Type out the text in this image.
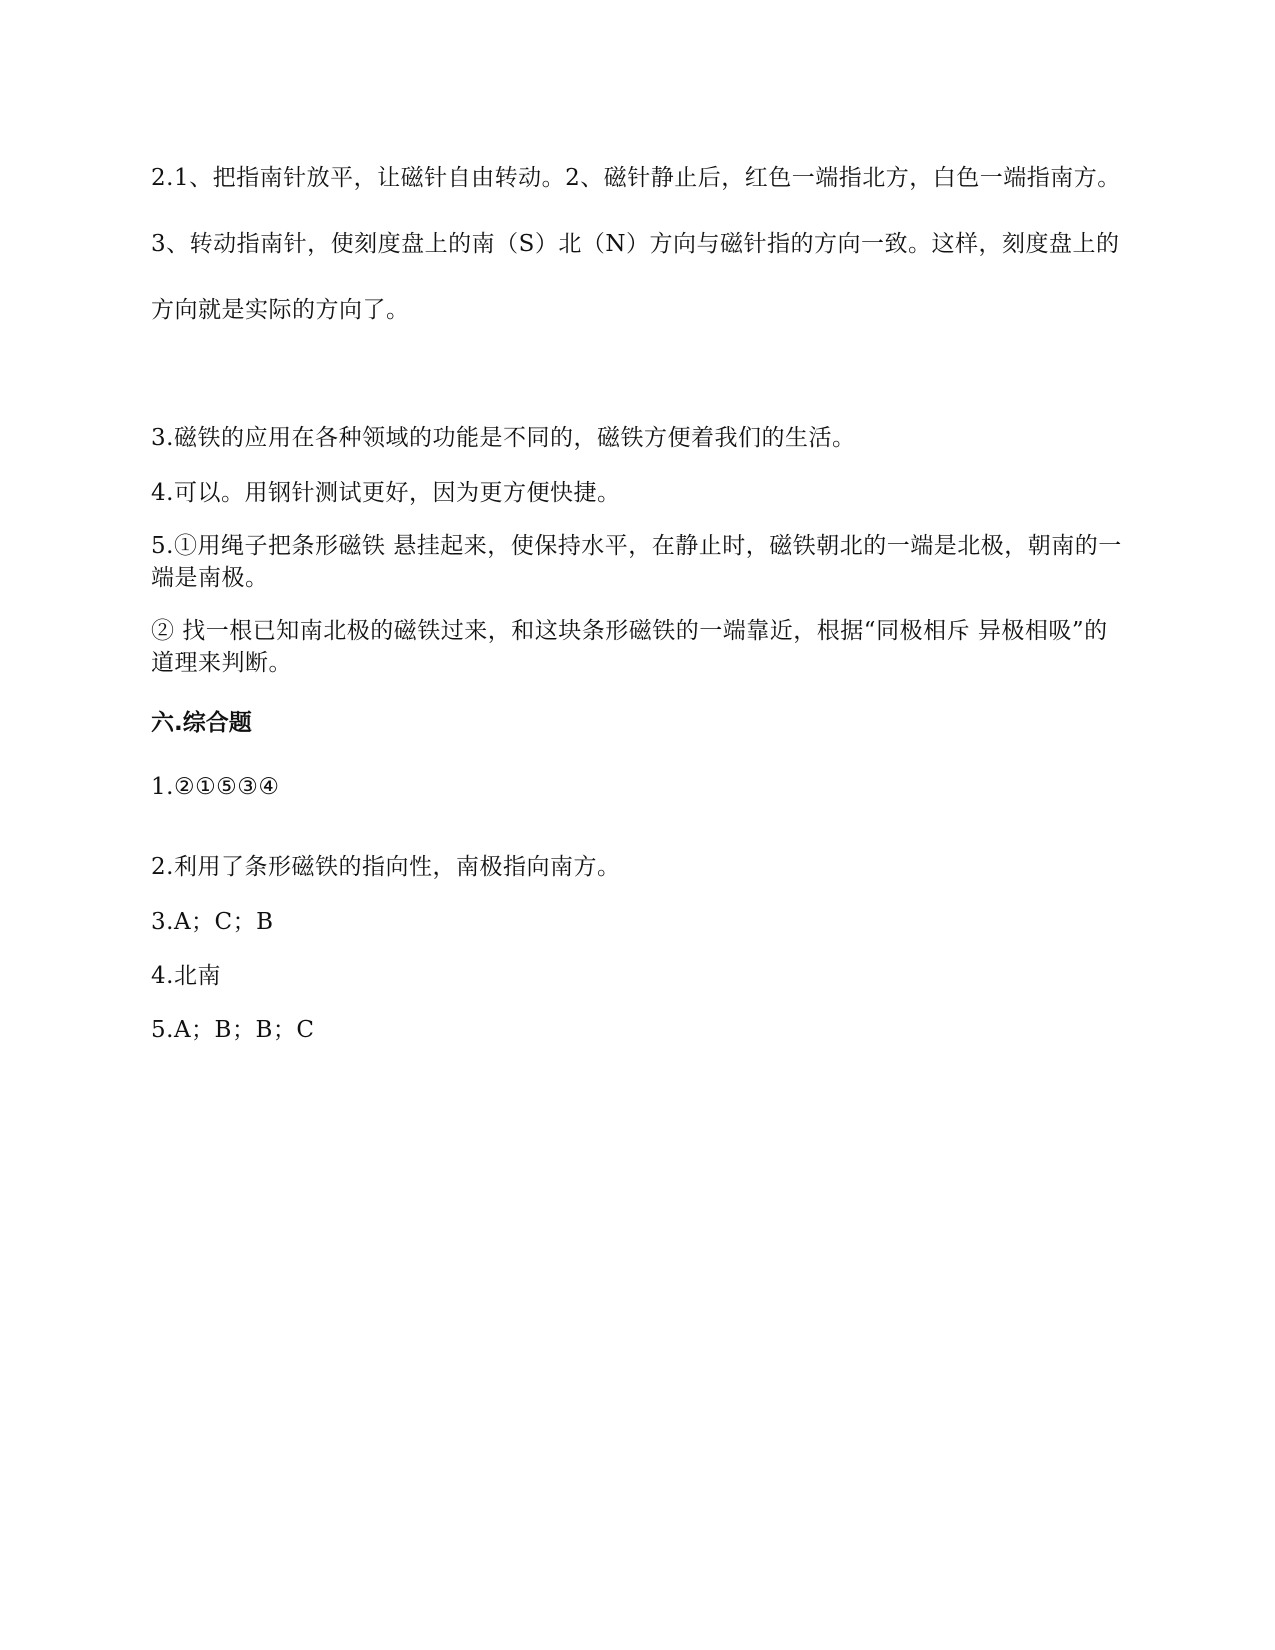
2.1、把指南针放平，让磁针自由转动。2、磁针静止后，红色一端指北方，白色一端指南方。3、转动指南针，使刻度盘上的南（S）北（N）方向与磁针指的方向一致。这样，刻度盘上的方向就是实际的方向了。

3.磁铁的应用在各种领域的功能是不同的，磁铁方便着我们的生活。

4.可以。用钢针测试更好，因为更方便快捷。

5.①用绳子把条形磁铁 悬挂起来，使保持水平，在静止时，磁铁朝北的一端是北极，朝南的一端是南极。

② 找一根已知南北极的磁铁过来，和这块条形磁铁的一端靠近，根据“同极相斥 异极相吸”的道理来判断。

六.综合题

1.②①⑤③④

2.利用了条形磁铁的指向性，南极指向南方。

3.A；C；B

4.北南

5.A；B；B；C
